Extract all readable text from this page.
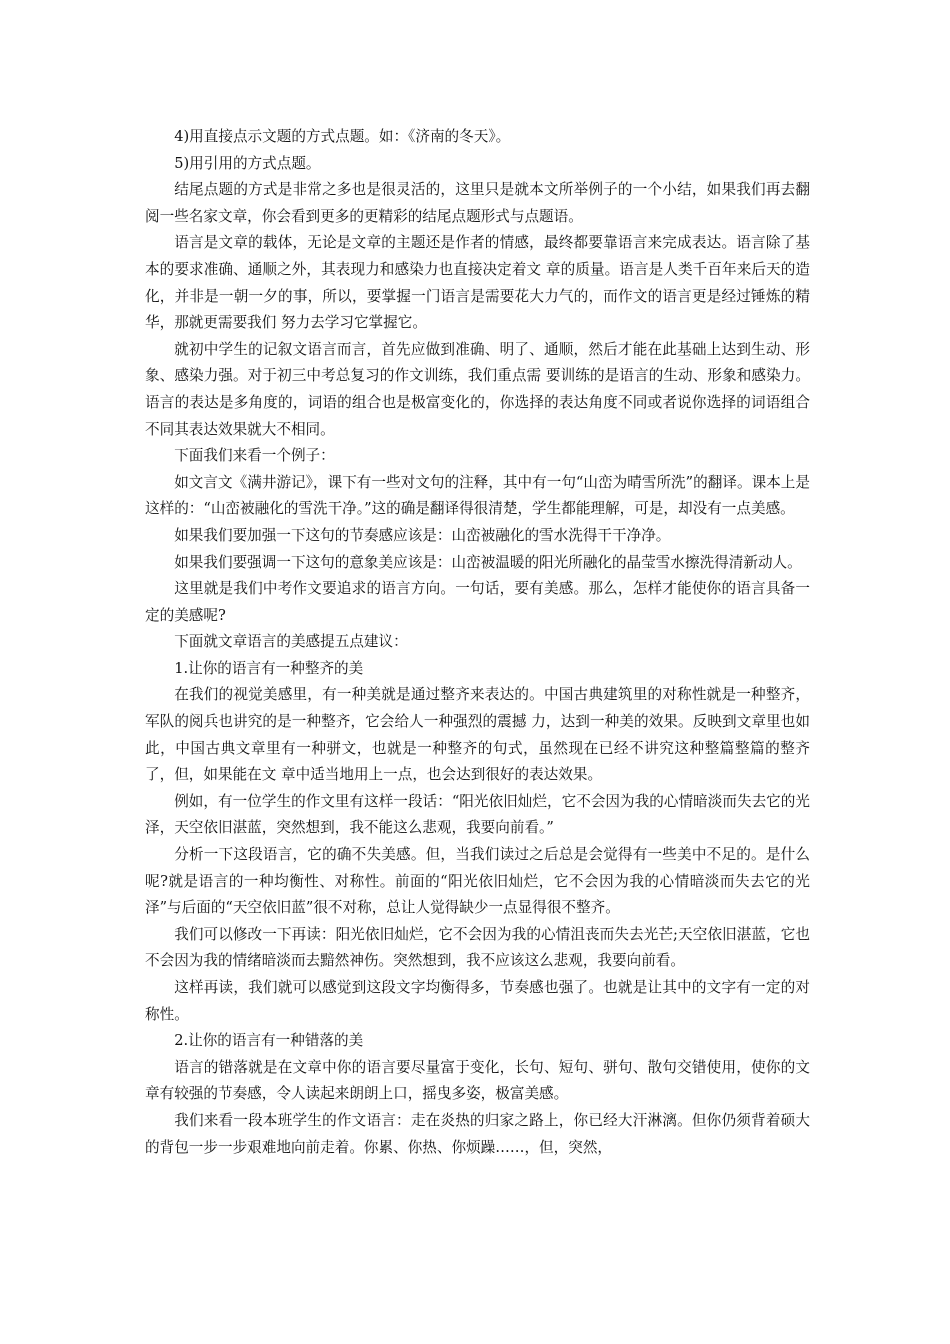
4)用直接点示文题的方式点题。如：《济南的冬天》。

5)用引用的方式点题。

结尾点题的方式是非常之多也是很灵活的，这里只是就本文所举例子的一个小结，如果我们再去翻阅一些名家文章，你会看到更多的更精彩的结尾点题形式与点题语。

语言是文章的载体，无论是文章的主题还是作者的情感，最终都要靠语言来完成表达。语言除了基本的要求准确、通顺之外，其表现力和感染力也直接决定着文 章的质量。语言是人类千百年来后天的造化，并非是一朝一夕的事，所以，要掌握一门语言是需要花大力气的，而作文的语言更是经过锤炼的精华，那就更需要我们 努力去学习它掌握它。

就初中学生的记叙文语言而言，首先应做到准确、明了、通顺，然后才能在此基础上达到生动、形象、感染力强。对于初三中考总复习的作文训练，我们重点需 要训练的是语言的生动、形象和感染力。语言的表达是多角度的，词语的组合也是极富变化的，你选择的表达角度不同或者说你选择的词语组合不同其表达效果就大不相同。

下面我们来看一个例子：

如文言文《满井游记》，课下有一些对文句的注释，其中有一句“山峦为晴雪所洗”的翻译。课本上是这样的：“山峦被融化的雪洗干净。”这的确是翻译得很清楚，学生都能理解，可是，却没有一点美感。

如果我们要加强一下这句的节奏感应该是：山峦被融化的雪水洗得干干净净。

如果我们要强调一下这句的意象美应该是：山峦被温暖的阳光所融化的晶莹雪水擦洗得清新动人。

这里就是我们中考作文要追求的语言方向。一句话，要有美感。那么，怎样才能使你的语言具备一定的美感呢?

下面就文章语言的美感提五点建议：

1.让你的语言有一种整齐的美

在我们的视觉美感里，有一种美就是通过整齐来表达的。中国古典建筑里的对称性就是一种整齐，军队的阅兵也讲究的是一种整齐，它会给人一种强烈的震撼 力，达到一种美的效果。反映到文章里也如此，中国古典文章里有一种骈文，也就是一种整齐的句式，虽然现在已经不讲究这种整篇整篇的整齐了，但，如果能在文 章中适当地用上一点，也会达到很好的表达效果。

例如，有一位学生的作文里有这样一段话：“阳光依旧灿烂，它不会因为我的心情暗淡而失去它的光泽，天空依旧湛蓝，突然想到，我不能这么悲观，我要向前看。”

分析一下这段语言，它的确不失美感。但，当我们读过之后总是会觉得有一些美中不足的。是什么呢?就是语言的一种均衡性、对称性。前面的“阳光依旧灿烂，它不会因为我的心情暗淡而失去它的光泽”与后面的“天空依旧蓝”很不对称，总让人觉得缺少一点显得很不整齐。

我们可以修改一下再读：阳光依旧灿烂，它不会因为我的心情沮丧而失去光芒;天空依旧湛蓝，它也不会因为我的情绪暗淡而去黯然神伤。突然想到，我不应该这么悲观，我要向前看。

这样再读，我们就可以感觉到这段文字均衡得多，节奏感也强了。也就是让其中的文字有一定的对称性。

2.让你的语言有一种错落的美

语言的错落就是在文章中你的语言要尽量富于变化，长句、短句、骈句、散句交错使用，使你的文章有较强的节奏感，令人读起来朗朗上口，摇曳多姿，极富美感。

我们来看一段本班学生的作文语言：走在炎热的归家之路上，你已经大汗淋漓。但你仍须背着硕大的背包一步一步艰难地向前走着。你累、你热、你烦躁……，但，突然，
